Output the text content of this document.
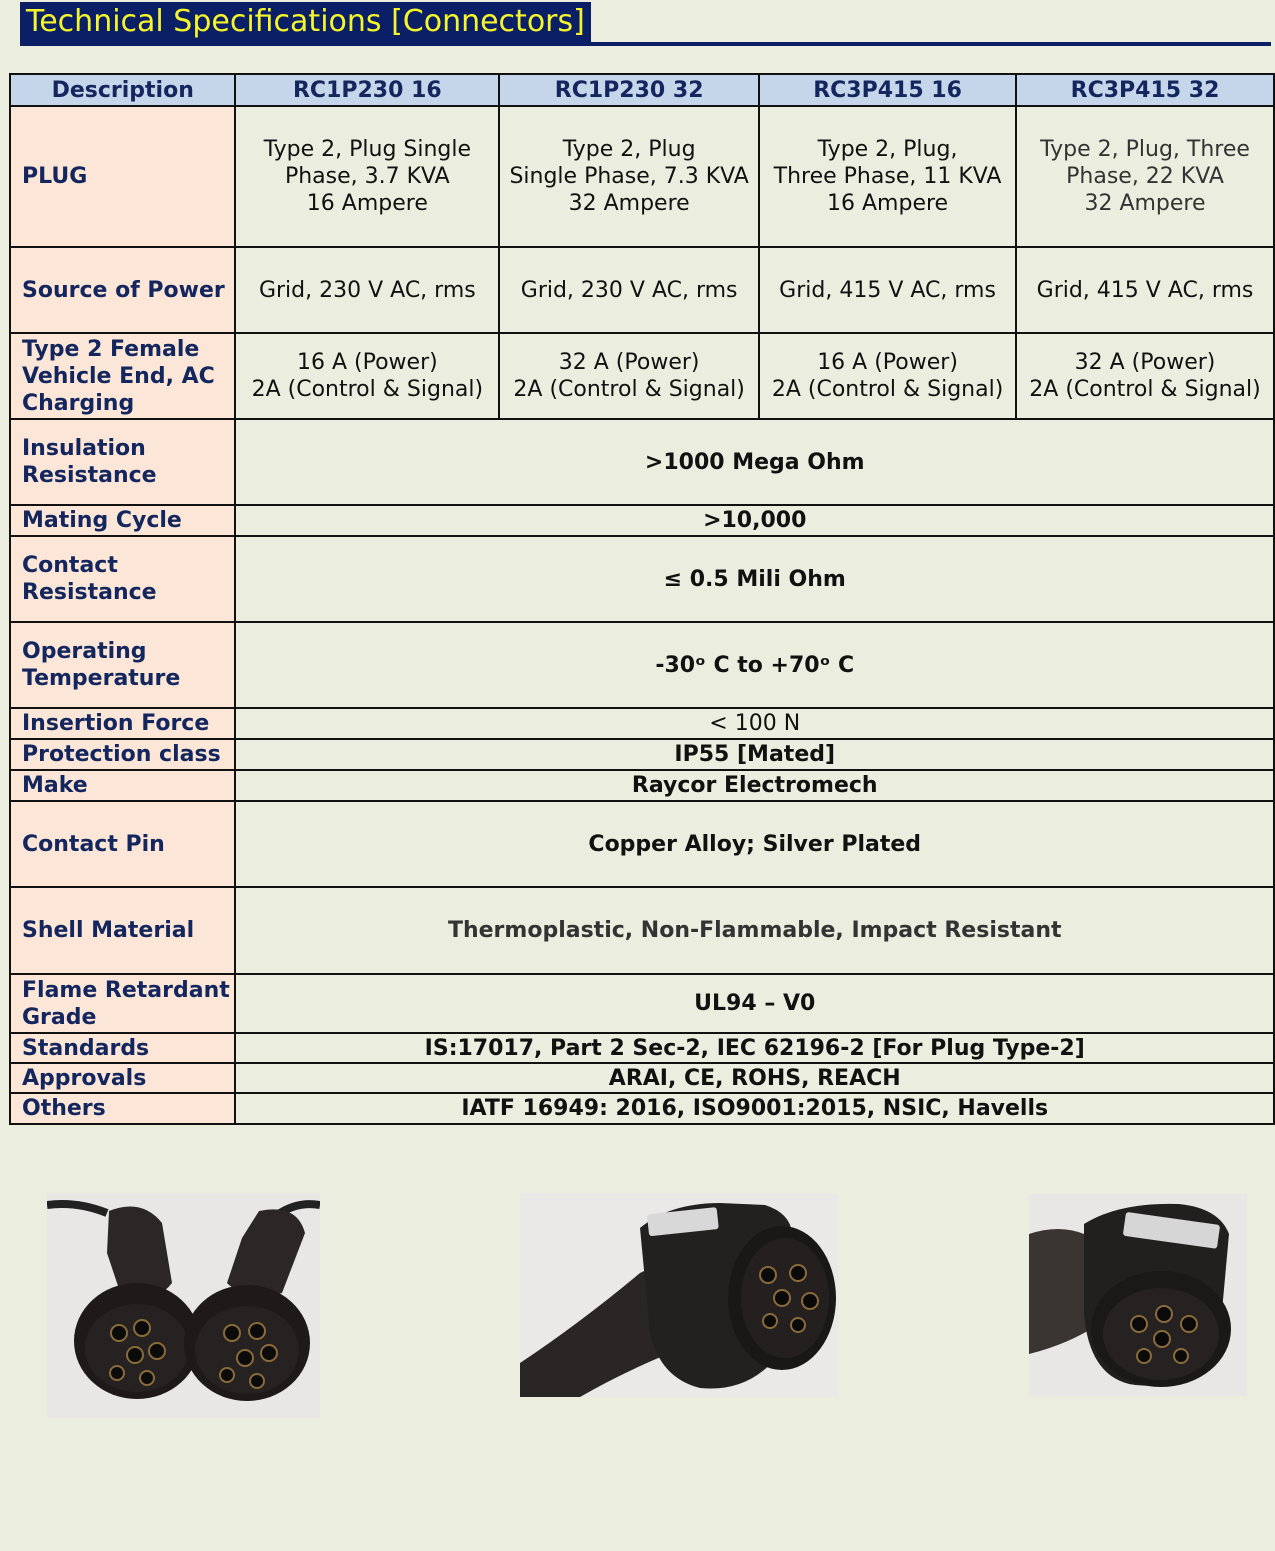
Technical Specifications [Connectors]
Description	RC1P230 16	RC1P230 32	RC3P415 16	RC3P415 32
PLUG	Type 2, Plug Single
Phase, 3.7 KVA
16 Ampere	Type 2, Plug
Single Phase, 7.3 KVA
32 Ampere	Type 2, Plug,
Three Phase, 11 KVA
16 Ampere	Type 2, Plug, Three
Phase, 22 KVA
32 Ampere

Source of Power	Grid, 230 V AC, rms	Grid, 230 V AC, rms	Grid, 415 V AC, rms	Grid, 415 V AC, rms
Type 2 Female Vehicle End, AC Charging	16 A (Power)
2A (Control & Signal)	32 A (Power)
2A (Control & Signal)	16 A (Power)
2A (Control & Signal)	32 A (Power)
2A (Control & Signal)

Insulation Resistance	>1000 Mega Ohm			
Mating Cycle	>10,000			
Contact Resistance	≤ 0.5 Mili Ohm			
Operating Temperature	-30ᵒ C to +70ᵒ C			
Insertion Force	< 100 N			
Protection class	IP55 [Mated]			
Make	Raycor Electromech			
Contact Pin	Copper Alloy; Silver Plated			
Shell Material	Thermoplastic, Non-Flammable, Impact Resistant			
Flame Retardant Grade	UL94 – V0			
Standards	IS:17017, Part 2 Sec-2, IEC 62196-2 [For Plug Type-2]			
Approvals	ARAI, CE, ROHS, REACH			
Others	IATF 16949: 2016, ISO9001:2015, NSIC, Havells			
